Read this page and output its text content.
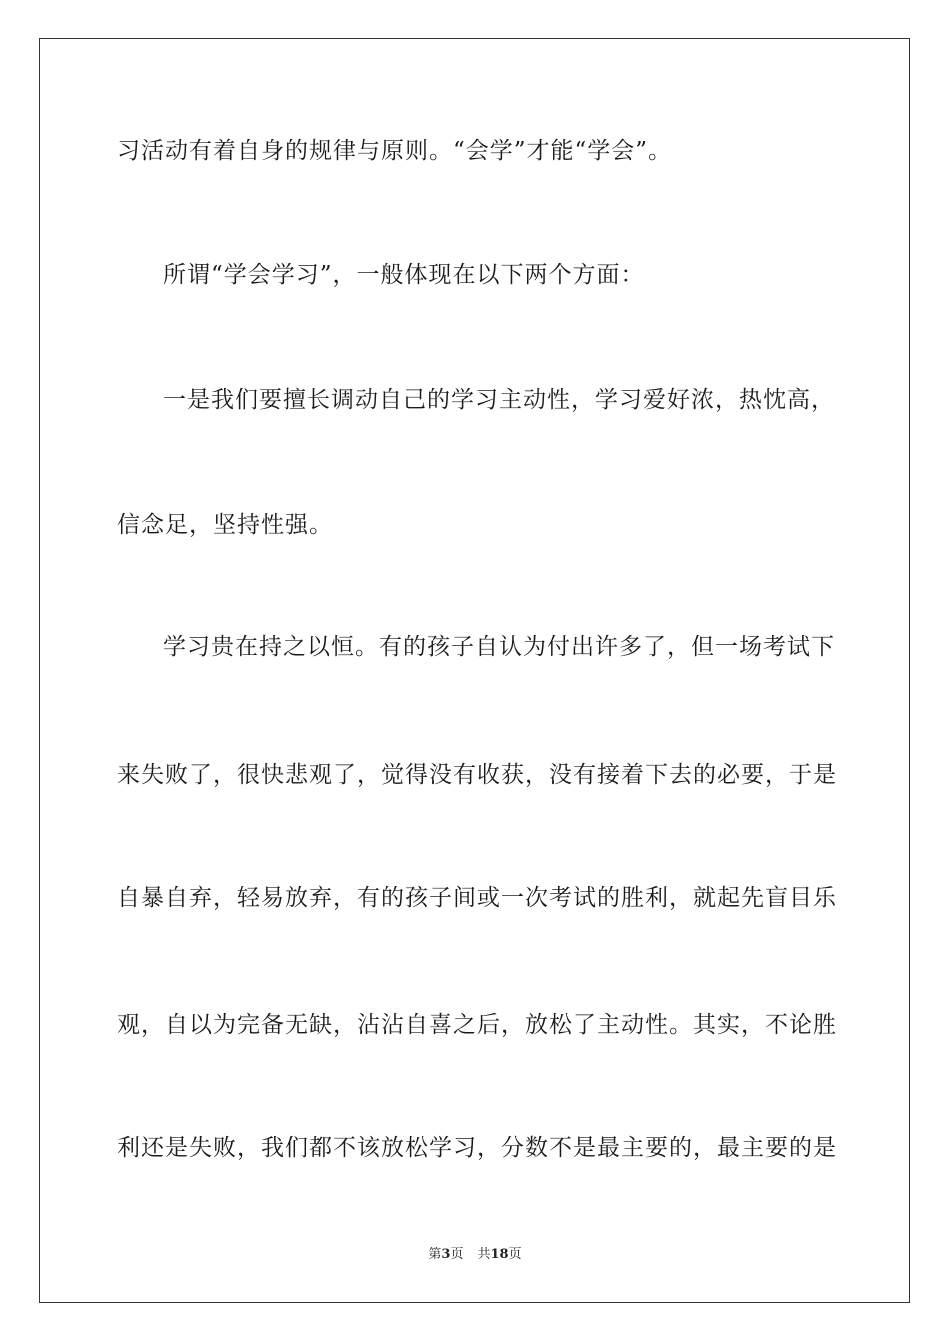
习活动有着自身的规律与原则。“会学”才能“学会”。
所谓“学会学习”，一般体现在以下两个方面：
一是我们要擅长调动自己的学习主动性，学习爱好浓，热忱高，
信念足，坚持性强。
学习贵在持之以恒。有的孩子自认为付出许多了，但一场考试下
来失败了，很快悲观了，觉得没有收获，没有接着下去的必要，于是
自暴自弃，轻易放弃，有的孩子间或一次考试的胜利，就起先盲目乐
观，自以为完备无缺，沾沾自喜之后，放松了主动性。其实，不论胜
利还是失败，我们都不该放松学习，分数不是最主要的，最主要的是
第3页 共18页
